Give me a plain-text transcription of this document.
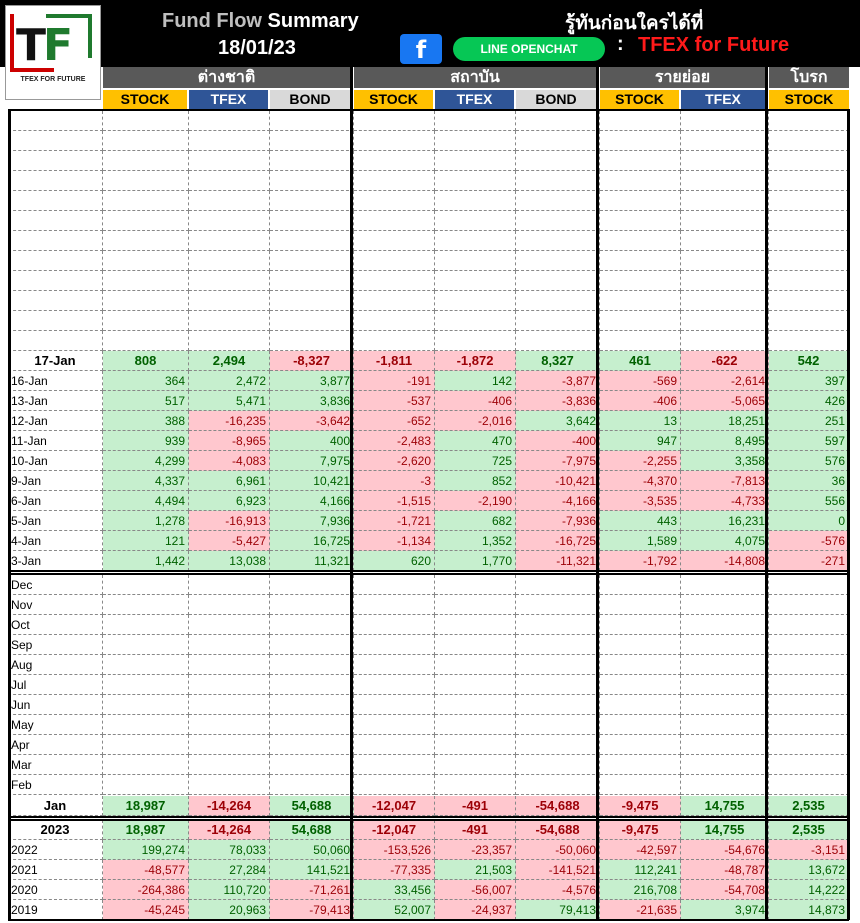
Fund Flow Summary
18/01/23
รู้ทันก่อนใครได้ที่
f	LINE OPENCHAT	: TFEX for Future
TF
TFEX FOR FUTURE	ต่างชาติ	สถาบัน	รายย่อย	โบรก
STOCK	TFEX	BOND	STOCK	TFEX	BOND	STOCK	TFEX	STOCK
17-Jan	808	2,494	-8,327	-1,811	-1,872	8,327	461	-622	542
16-Jan	364	2,472	3,877	-191	142	-3,877	-569	-2,614	397
13-Jan	517	5,471	3,836	-537	-406	-3,836	-406	-5,065	426
12-Jan	388	-16,235	-3,642	-652	-2,016	3,642	13	18,251	251
11-Jan	939	-8,965	400	-2,483	470	-400	947	8,495	597
10-Jan	4,299	-4,083	7,975	-2,620	725	-7,975	-2,255	3,358	576
9-Jan	4,337	6,961	10,421	-3	852	-10,421	-4,370	-7,813	36
6-Jan	4,494	6,923	4,166	-1,515	-2,190	-4,166	-3,535	-4,733	556
5-Jan	1,278	-16,913	7,936	-1,721	682	-7,936	443	16,231	0
4-Jan	121	-5,427	16,725	-1,134	1,352	-16,725	1,589	4,075	-576
3-Jan	1,442	13,038	11,321	620	1,770	-11,321	-1,792	-14,808	-271
Dec
Nov
Oct
Sep
Aug
Jul
Jun
May
Apr
Mar
Feb
Jan	18,987	-14,264	54,688	-12,047	-491	-54,688	-9,475	14,755	2,535
2023	18,987	-14,264	54,688	-12,047	-491	-54,688	-9,475	14,755	2,535
2022	199,274	78,033	50,060	-153,526	-23,357	-50,060	-42,597	-54,676	-3,151
2021	-48,577	27,284	141,521	-77,335	21,503	-141,521	112,241	-48,787	13,672
2020	-264,386	110,720	-71,261	33,456	-56,007	-4,576	216,708	-54,708	14,222
2019	-45,245	20,963	-79,413	52,007	-24,937	79,413	-21,635	3,974	14,873
